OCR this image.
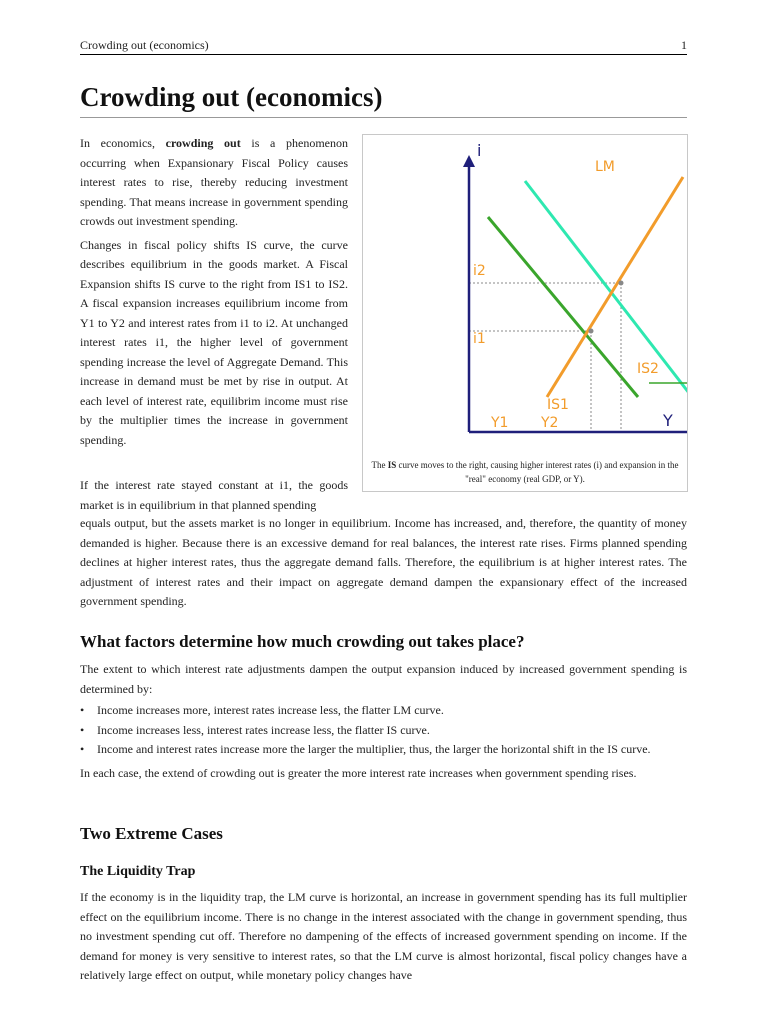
Crowding out (economics)	1
Crowding out (economics)

In economics, crowding out is a phenomenon occurring when Expansionary Fiscal Policy causes interest rates to rise, thereby reducing investment spending. That means increase in government spending crowds out investment spending.

Changes in fiscal policy shifts IS curve, the curve describes equilibrium in the goods market. A Fiscal Expansion shifts IS curve to the right from IS1 to IS2. A fiscal expansion increases equilibrium income from Y1 to Y2 and interest rates from i1 to i2. At unchanged interest rates i1, the higher level of government spending increase the level of Aggregate Demand. This increase in demand must be met by rise in output. At each level of interest rate, equilibrim income must rise by the multiplier times the increase in government spending.

i
Y
LM
IS2
IS1
i2
i1
Y1 Y2
The IS curve moves to the right, causing higher interest rates (i) and expansion in the "real" economy (real GDP, or Y).

If the interest rate stayed constant at i1, the goods market is in equilibrium in that planned spending

equals output, but the assets market is no longer in equilibrium. Income has increased, and, therefore, the quantity of money demanded is higher. Because there is an excessive demand for real balances, the interest rate rises. Firms planned spending declines at higher interest rates, thus the aggregate demand falls. Therefore, the equilibrium is at higher interest rates. The adjustment of interest rates and their impact on aggregate demand dampen the expansionary effect of the increased government spending.

What factors determine how much crowding out takes place?

The extent to which interest rate adjustments dampen the output expansion induced by increased government spending is determined by:

• Income increases more, interest rates increase less, the flatter LM curve.
• Income increases less, interest rates increase less, the flatter IS curve.
• Income and interest rates increase more the larger the multiplier, thus, the larger the horizontal shift in the IS curve.

In each case, the extend of crowding out is greater the more interest rate increases when government spending rises.

Two Extreme Cases
The Liquidity Trap

If the economy is in the liquidity trap, the LM curve is horizontal, an increase in government spending has its full multiplier effect on the equilibrium income. There is no change in the interest associated with the change in government spending, thus no investment spending cut off. Therefore no dampening of the effects of increased government spending on income. If the demand for money is very sensitive to interest rates, so that the LM curve is almost horizontal, fiscal policy changes have a relatively large effect on output, while monetary policy changes have
